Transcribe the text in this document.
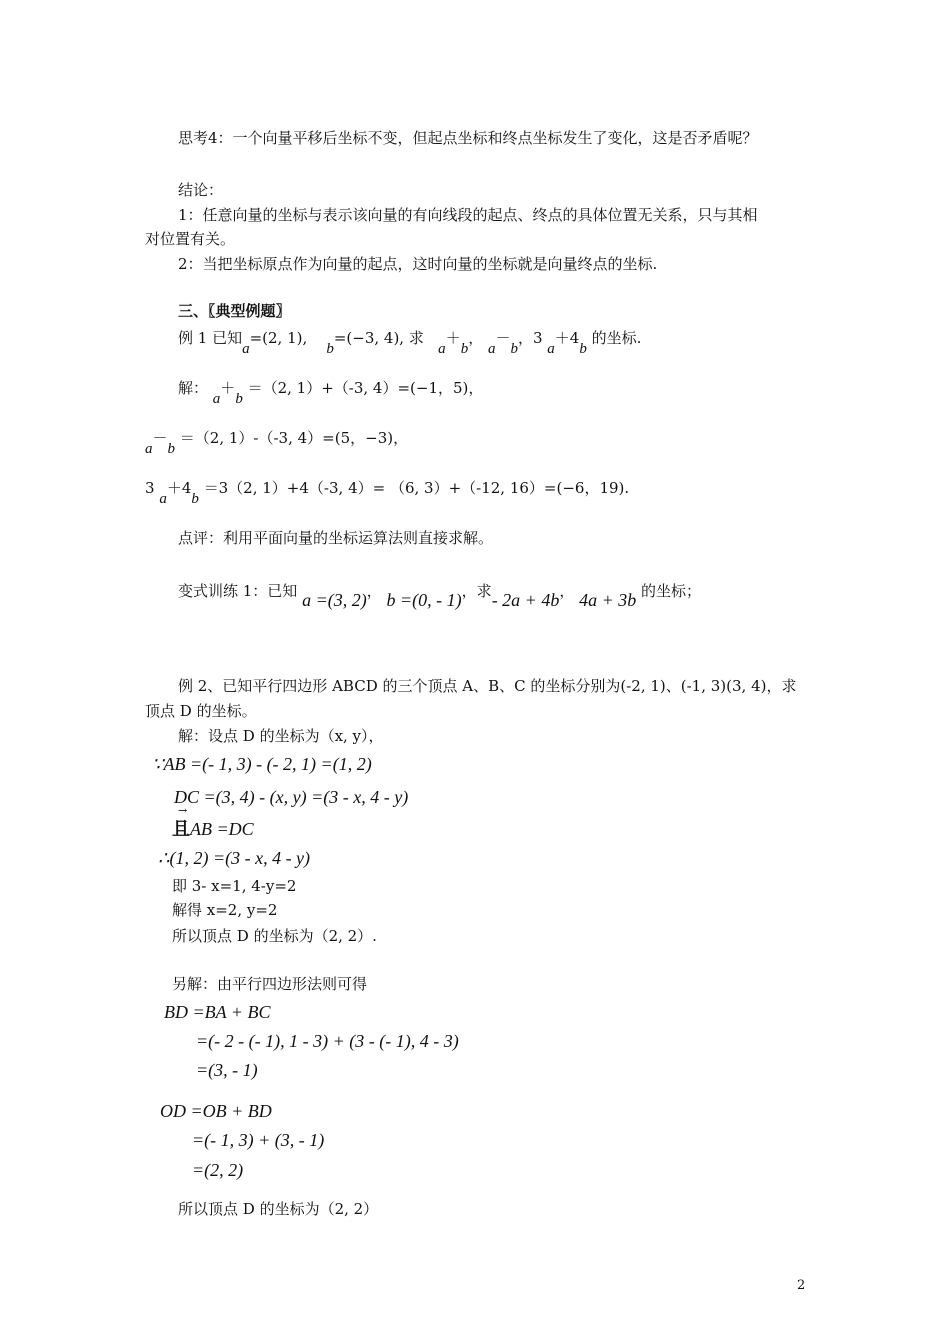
思考4：一个向量平移后坐标不变，但起点坐标和终点坐标发生了变化，这是否矛盾呢？
结论：
1：任意向量的坐标与表示该向量的有向线段的起点、终点的具体位置无关系，只与其相
对位置有关。
2：当把坐标原点作为向量的起点，这时向量的坐标就是向量终点的坐标.
三、〖典型例题〗
例 1 已知a=(2, 1),    b=(−3, 4), 求   a＋b， a－b，3 a＋4b 的坐标.
解： a＋b ＝（2, 1）+（-3, 4）=(−1，5)，
a－b ＝（2, 1）-（-3, 4）=(5，−3)，
3 a＋4b ＝3（2, 1）+4（-3, 4）= （6, 3）+（-12, 16）=(−6，19).
点评：利用平面向量的坐标运算法则直接求解。
变式训练 1：已知 a =(3, 2)， b =(0, - 1)，求- 2a + 4b， 4a + 3b 的坐标；
例 2、已知平行四边形 ABCD 的三个顶点 A、B、C 的坐标分别为(-2, 1)、(-1, 3)(3, 4)，求
顶点 D 的坐标。
解：设点 D 的坐标为（x, y），
∵AB =(- 1, 3) - (- 2, 1) =(1, 2)
DC =(3, 4) - (x, y) =(3 - x, 4 - y)
→
且AB =DC
∴(1, 2) =(3 - x, 4 - y)
即 3- x=1, 4-y=2
解得 x=2, y=2
所以顶点 D 的坐标为（2, 2）.
另解：由平行四边形法则可得
BD =BA + BC
=(- 2 - (- 1), 1 - 3) + (3 - (- 1), 4 - 3)
=(3, - 1)
OD =OB + BD
=(- 1, 3) + (3, - 1)
=(2, 2)
所以顶点 D 的坐标为（2, 2）
2
